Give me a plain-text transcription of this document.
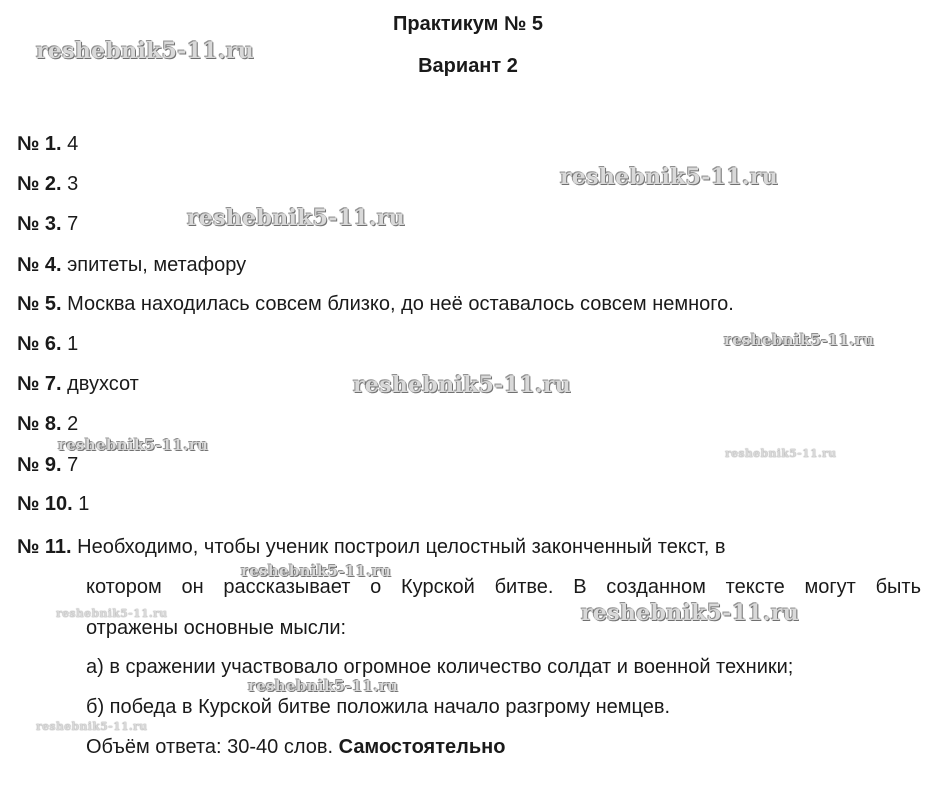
Практикум № 5
Вариант 2
№ 1. 4
№ 2. 3
№ 3. 7
№ 4. эпитеты, метафору
№ 5. Москва находилась совсем близко, до неё оставалось совсем немного.
№ 6. 1
№ 7. двухсот
№ 8. 2
№ 9. 7
№ 10. 1
№ 11. Необходимо, чтобы ученик построил целостный законченный текст, в
котором он рассказывает о Курской битве. В созданном тексте могут быть
отражены основные мысли:
а) в сражении участвовало огромное количество солдат и военной техники;
б) победа в Курской битве положила начало разгрому немцев.
Объём ответа: 30-40 слов. Самостоятельно
reshebnik5-11.ru
reshebnik5-11.ru
reshebnik5-11.ru
reshebnik5-11.ru
reshebnik5-11.ru
reshebnik5-11.ru	reshebnik5-11.ru
reshebnik5-11.ru
reshebnik5-11.ru	reshebnik5-11.ru
reshebnik5-11.ru
reshebnik5-11.ru
